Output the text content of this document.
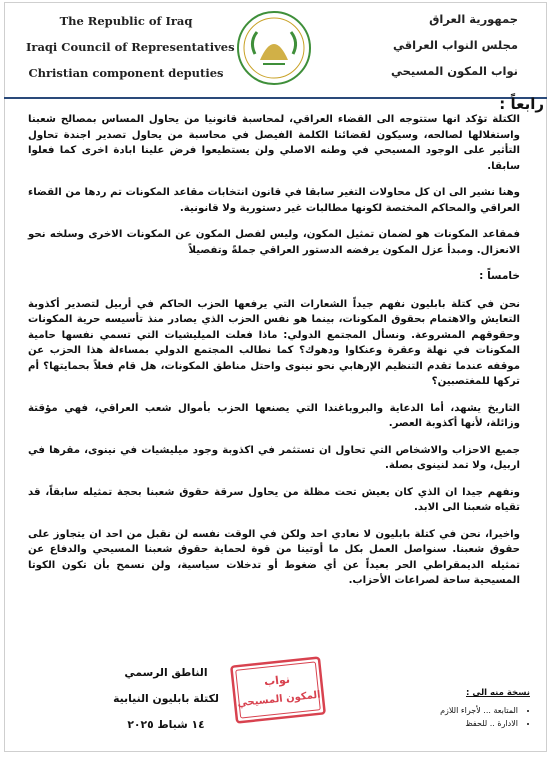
The Republic of Iraq
Iraqi Council of Representatives
Christian component deputies
جمهورية العراق
مجلس النواب العراقي
نواب المكون المسيحي
رابعاً :

الكتلة تؤكد انها ستتوجه الى القضاء العراقي، لمحاسبة قانونيا من يحاول المساس بمصالح شعبنا واستغلالها لصالحه، وسيكون لقضائنا الكلمة الفيصل في محاسبة من يحاول تصدير اجندة تحاول التأثير على الوجود المسيحي في وطنه الاصلي ولن يستطيعوا فرض علينا ابادة اخرى كما فعلوا سابقا.

وهنا نشير الى ان كل محاولات التغير سابقا في قانون انتخابات مقاعد المكونات تم ردها من القضاء العراقي والمحاكم المختصة لكونها مطالبات غير دستورية ولا قانونية.

فمقاعد المكونات هو لضمان تمثيل المكون، وليس لفصل المكون عن المكونات الاخرى وسلخه نحو الانعزال. ومبدأ عزل المكون يرفضه الدستور العراقي جملةً وتفصيلاً

خامساً :

نحن في كتلة بابليون نفهم جيداً الشعارات التي يرفعها الحزب الحاكم في أربيل لتصدير أكذوبة التعايش والاهتمام بحقوق المكونات، بينما هو نفس الحزب الذي يصادر منذ تأسيسه حرية المكونات وحقوقهم المشروعة. ونسأل المجتمع الدولي: ماذا فعلت الميليشيات التي تسمي نفسها حامية المكونات في نهلة وعقرة وعنكاوا ودهوك؟ كما نطالب المجتمع الدولي بمساءلة هذا الحزب عن موقفه عندما تقدم التنظيم الإرهابي نحو نينوى واحتل مناطق المكونات، هل قام فعلاً بحمايتها؟ أم تركها للمغتصبين؟

التاريخ يشهد، أما الدعاية والبروباغندا التي يصنعها الحزب بأموال شعب العراقي، فهي مؤقتة وزائلة، لأنها أكذوبة العصر.

جميع الاحزاب والاشخاص التي تحاول ان تستثمر في اكذوبة وجود ميليشيات في نينوى، مقرها في اربيل، ولا تمد لنينوى بصلة.

ونفهم جيدا ان الذي كان يعيش تحت مظلة من يحاول سرقة حقوق شعبنا بحجة تمثيله سابقاً، قد تقياه شعبنا الى الابد.

واخيرا، نحن في كتلة بابليون لا نعادي احد ولكن في الوقت نفسه لن نقبل من احد ان يتجاوز على حقوق شعبنا. سنواصل العمل بكل ما أوتينا من قوة لحماية حقوق شعبنا المسيحي والدفاع عن تمثيله الديمقراطي الحر بعيداً عن أي ضغوط أو تدخلات سياسية، ولن نسمح بأن تكون الكوتا المسيحية ساحة لصراعات الأحزاب.

الناطق الرسمي
لكتلة بابليون النيابية
١٤ شباط ٢٠٢٥
نواب
المكون المسيحي	نسخة منه الى :
• المتابعة ... لأجراء اللازم
• الادارة .. للحفظ
